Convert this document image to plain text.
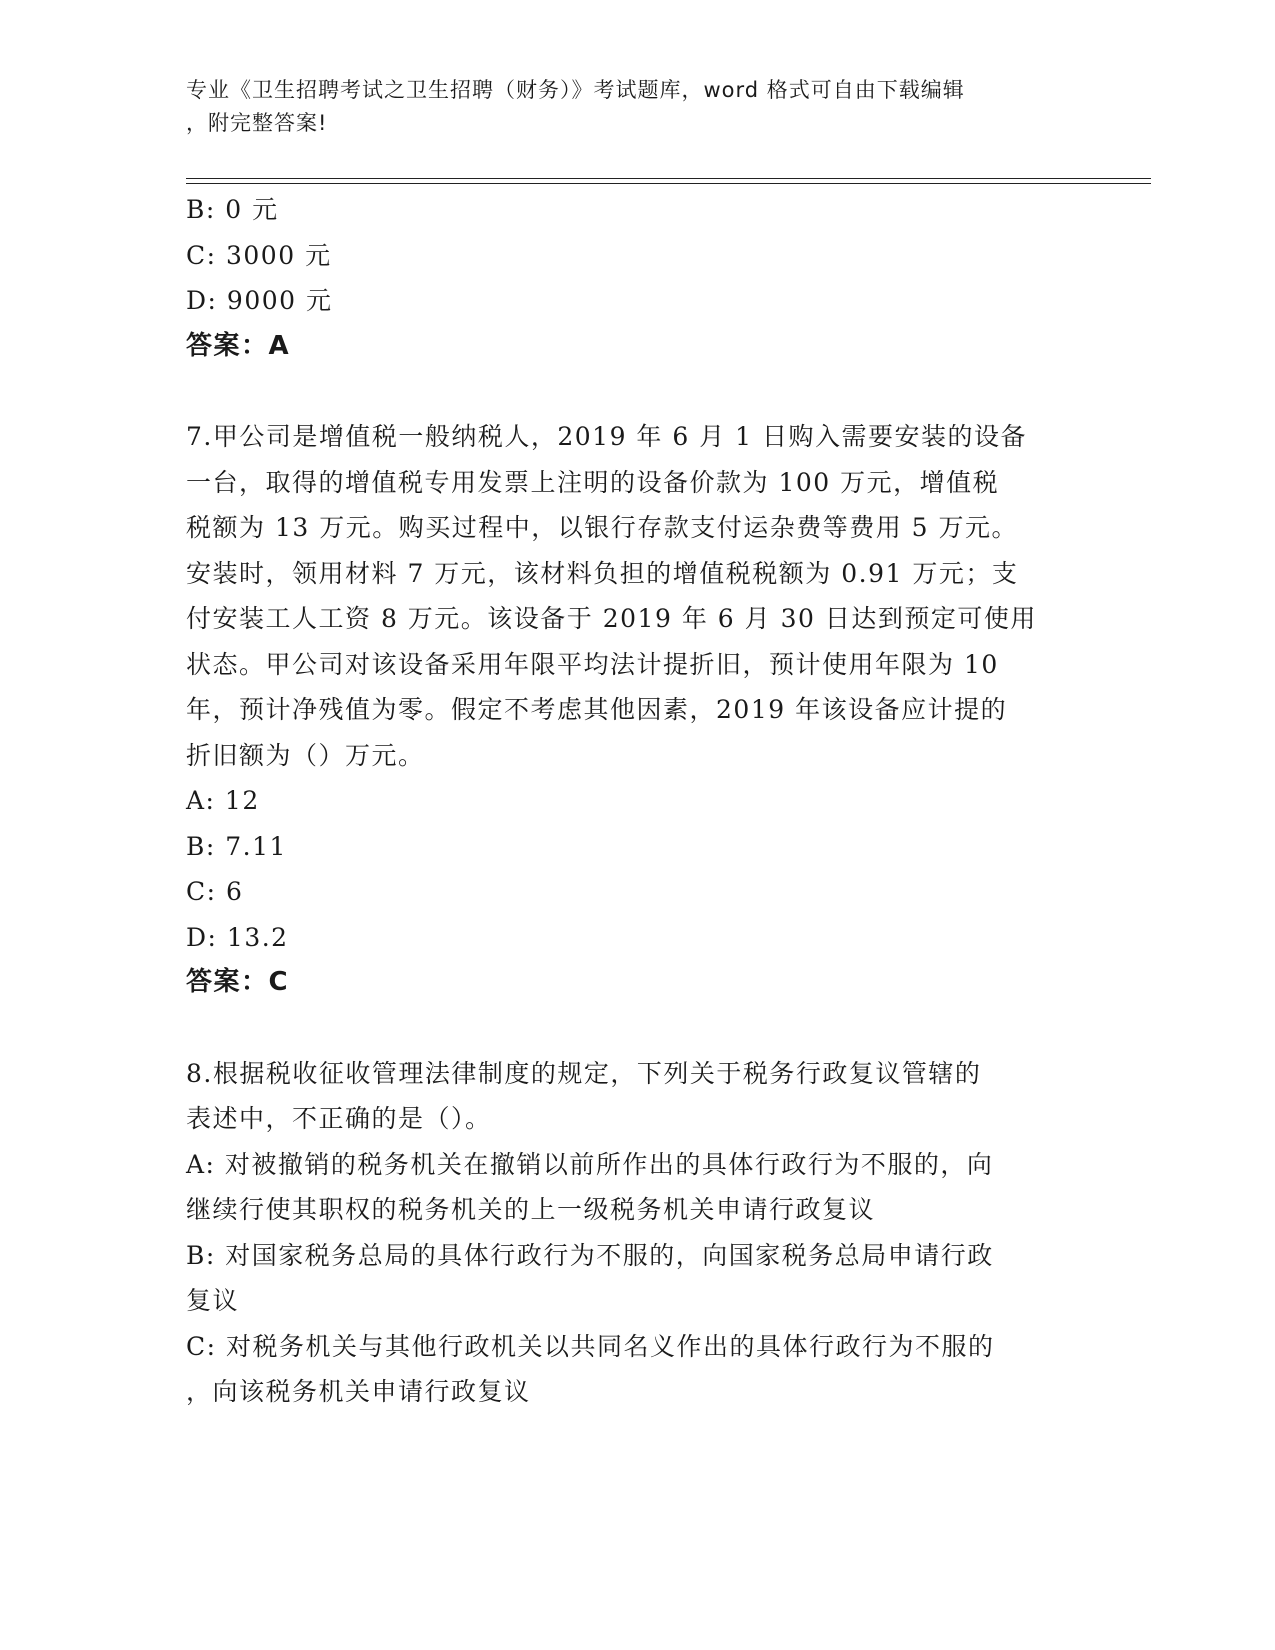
专业《卫生招聘考试之卫生招聘（财务）》考试题库，word 格式可自由下载编辑
，附完整答案!

B: 0 元

C: 3000 元

D: 9000 元

答案：A

7.甲公司是增值税一般纳税人，2019 年 6 月 1 日购入需要安装的设备

一台，取得的增值税专用发票上注明的设备价款为 100 万元，增值税

税额为 13 万元。购买过程中，以银行存款支付运杂费等费用 5 万元。

安装时，领用材料 7 万元，该材料负担的增值税税额为 0.91 万元；支

付安装工人工资 8 万元。该设备于 2019 年 6 月 30 日达到预定可使用

状态。甲公司对该设备采用年限平均法计提折旧，预计使用年限为 10

年，预计净残值为零。假定不考虑其他因素，2019 年该设备应计提的

折旧额为（）万元。

A: 12

B: 7.11

C: 6

D: 13.2

答案：C

8.根据税收征收管理法律制度的规定，下列关于税务行政复议管辖的

表述中，不正确的是（）。

A: 对被撤销的税务机关在撤销以前所作出的具体行政行为不服的，向

继续行使其职权的税务机关的上一级税务机关申请行政复议

B: 对国家税务总局的具体行政行为不服的，向国家税务总局申请行政

复议

C: 对税务机关与其他行政机关以共同名义作出的具体行政行为不服的

，向该税务机关申请行政复议
